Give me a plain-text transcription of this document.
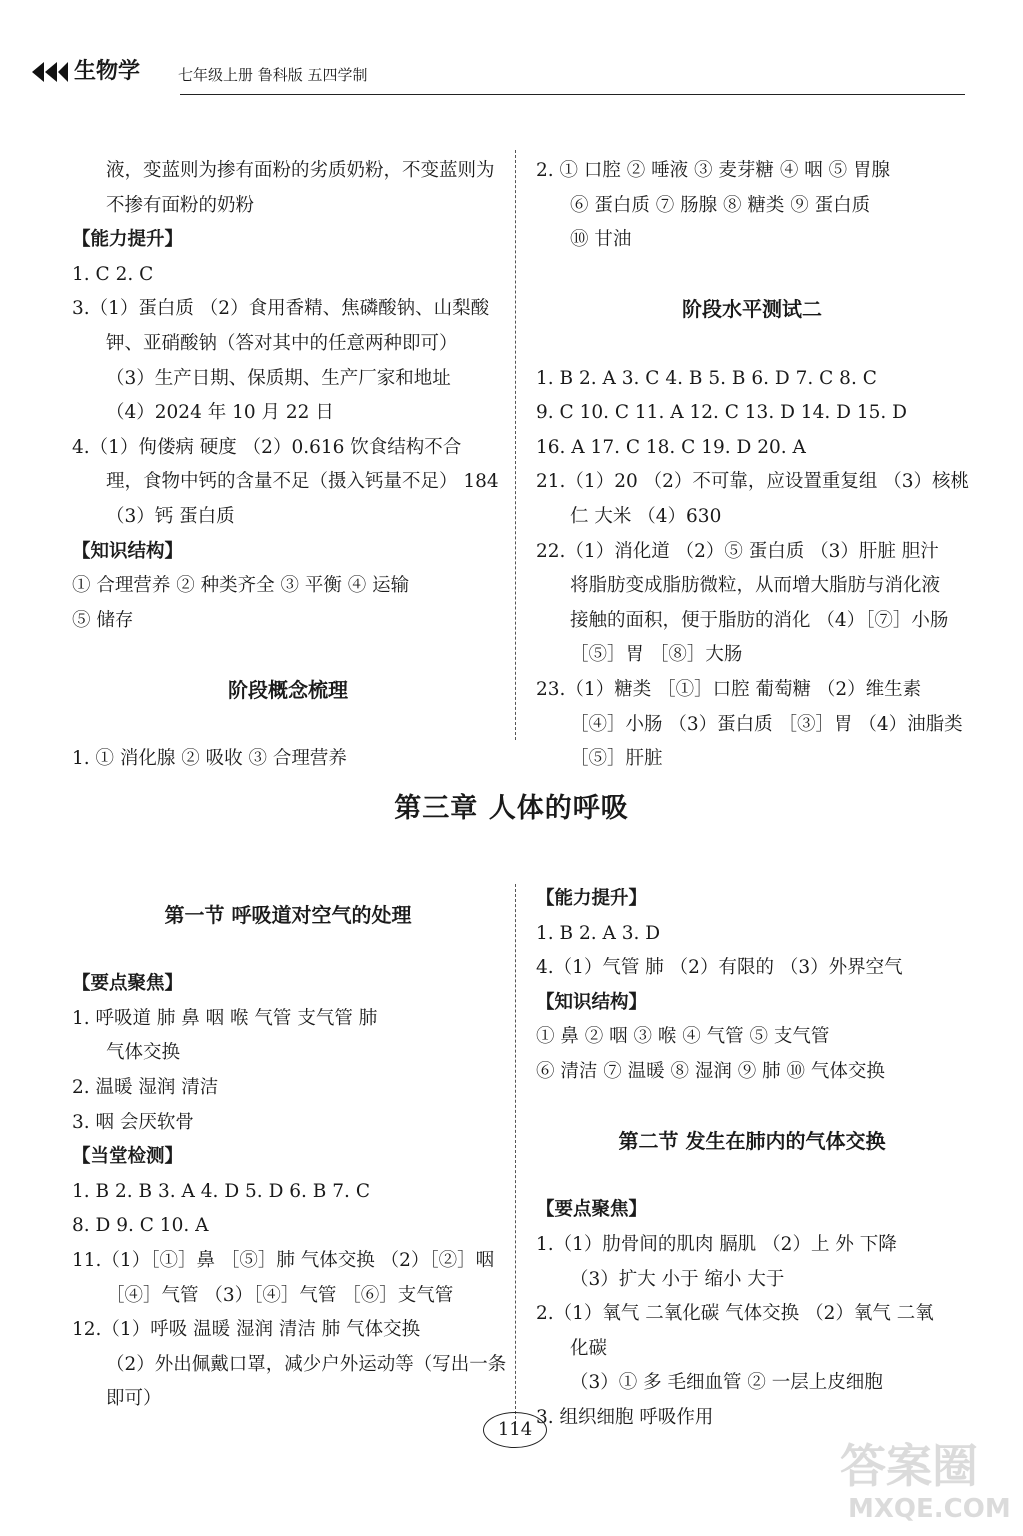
生物学	七年级上册 鲁科版 五四学制
液，变蓝则为掺有面粉的劣质奶粉，不变蓝则为
不掺有面粉的奶粉
【能力提升】
1. C 2. C
3.（1）蛋白质 （2）食用香精、焦磷酸钠、山梨酸
钾、亚硝酸钠（答对其中的任意两种即可）
（3）生产日期、保质期、生产厂家和地址
（4）2024 年 10 月 22 日
4.（1）佝偻病 硬度 （2）0.616 饮食结构不合
理，食物中钙的含量不足（摄入钙量不足） 184
（3）钙 蛋白质
【知识结构】
① 合理营养 ② 种类齐全 ③ 平衡 ④ 运输
⑤ 储存

阶段概念梳理

1. ① 消化腺 ② 吸收 ③ 合理营养
2. ① 口腔 ② 唾液 ③ 麦芽糖 ④ 咽 ⑤ 胃腺
⑥ 蛋白质 ⑦ 肠腺 ⑧ 糖类 ⑨ 蛋白质
⑩ 甘油

阶段水平测试二

1. B 2. A 3. C 4. B 5. B 6. D 7. C 8. C
9. C 10. C 11. A 12. C 13. D 14. D 15. D
16. A 17. C 18. C 19. D 20. A
21.（1）20 （2）不可靠，应设置重复组 （3）核桃
仁 大米 （4）630
22.（1）消化道 （2）⑤ 蛋白质 （3）肝脏 胆汁
将脂肪变成脂肪微粒，从而增大脂肪与消化液
接触的面积，便于脂肪的消化 （4）［⑦］小肠
［⑤］胃 ［⑧］大肠
23.（1）糖类 ［①］口腔 葡萄糖 （2）维生素
［④］小肠 （3）蛋白质 ［③］胃 （4）油脂类
［⑤］肝脏
第三章 人体的呼吸
第一节 呼吸道对空气的处理

【要点聚焦】
1. 呼吸道 肺 鼻 咽 喉 气管 支气管 肺
气体交换
2. 温暖 湿润 清洁
3. 咽 会厌软骨
【当堂检测】
1. B 2. B 3. A 4. D 5. D 6. B 7. C
8. D 9. C 10. A
11.（1）［①］鼻 ［⑤］肺 气体交换 （2）［②］咽
［④］气管 （3）［④］气管 ［⑥］支气管
12.（1）呼吸 温暖 湿润 清洁 肺 气体交换
（2）外出佩戴口罩，减少户外运动等（写出一条
即可）
【能力提升】
1. B 2. A 3. D
4.（1）气管 肺 （2）有限的 （3）外界空气
【知识结构】
① 鼻 ② 咽 ③ 喉 ④ 气管 ⑤ 支气管
⑥ 清洁 ⑦ 温暖 ⑧ 湿润 ⑨ 肺 ⑩ 气体交换

第二节 发生在肺内的气体交换

【要点聚焦】
1.（1）肋骨间的肌肉 膈肌 （2）上 外 下降
（3）扩大 小于 缩小 大于
2.（1）氧气 二氧化碳 气体交换 （2）氧气 二氧
化碳
（3）① 多 毛细血管 ② 一层上皮细胞
3. 组织细胞 呼吸作用
114
答案圈
MXQE.COM
